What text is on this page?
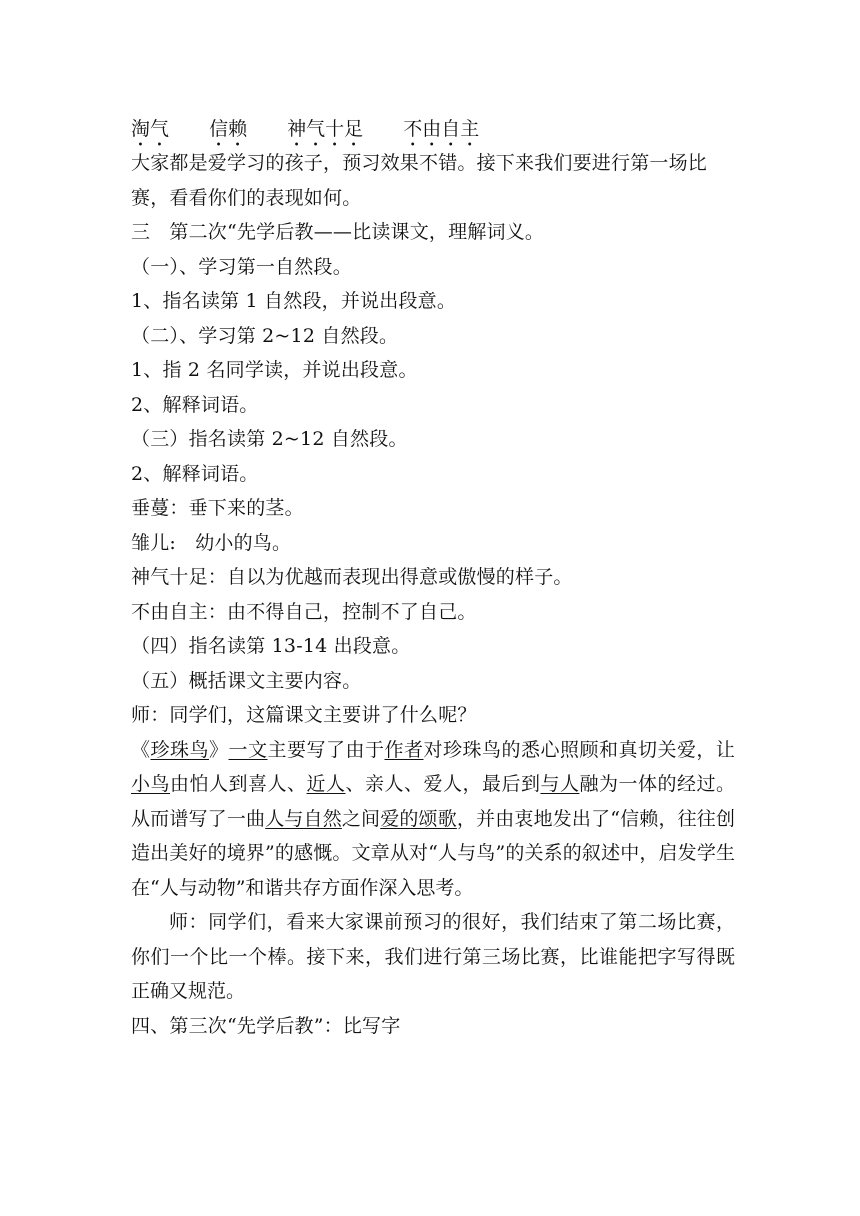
淘气 信赖 神气十足 不由自主
大家都是爱学习的孩子，预习效果不错。接下来我们要进行第一场比
赛，看看你们的表现如何。
三　第二次“先学后教——比读课文，理解词义。
（一）、学习第一自然段。
1、指名读第 1 自然段，并说出段意。
（二）、学习第 2~12 自然段。
1、指 2 名同学读，并说出段意。
2、解释词语。
（三）指名读第 2~12 自然段。
2、解释词语。
垂蔓：垂下来的茎。
雏儿:　幼小的鸟。
神气十足：自以为优越而表现出得意或傲慢的样子。
不由自主：由不得自己，控制不了自己。
（四）指名读第 13-14 出段意。
（五）概括课文主要内容。
师：同学们，这篇课文主要讲了什么呢？
《珍珠鸟》一文主要写了由于作者对珍珠鸟的悉心照顾和真切关爱，让小鸟由怕人到喜人、近人、亲人、爱人，最后到与人融为一体的经过。从而谱写了一曲人与自然之间爱的颂歌，并由衷地发出了“信赖，往往创造出美好的境界”的感慨。文章从对“人与鸟”的关系的叙述中，启发学生在“人与动物”和谐共存方面作深入思考。
师：同学们，看来大家课前预习的很好，我们结束了第二场比赛，你们一个比一个棒。接下来，我们进行第三场比赛，比谁能把字写得既正确又规范。
四、第三次“先学后教”：比写字
